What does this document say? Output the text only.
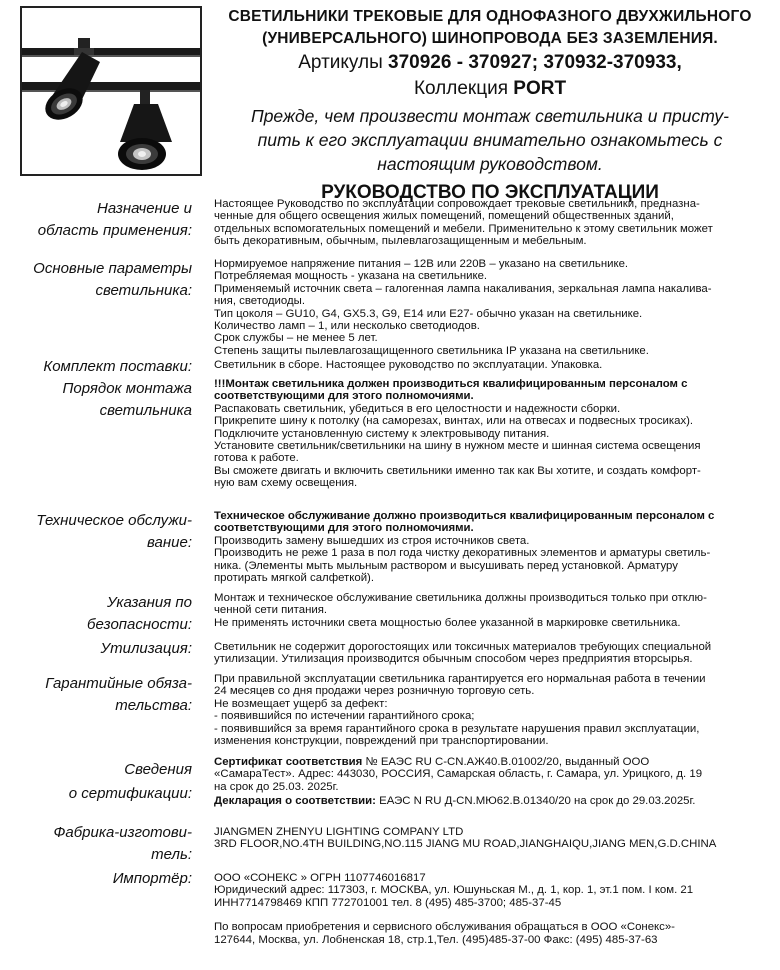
СВЕТИЛЬНИКИ ТРЕКОВЫЕ ДЛЯ ОДНОФАЗНОГО ДВУХЖИЛЬНОГО
(УНИВЕРСАЛЬНОГО) ШИНОПРОВОДА БЕЗ ЗАЗЕМЛЕНИЯ.
Артикулы 370926 - 370927; 370932-370933,
Коллекция PORT
Прежде, чем произвести монтаж светильника и присту-
пить к его эксплуатации внимательно ознакомьтесь с
настоящим руководством.
РУКОВОДСТВО ПО ЭКСПЛУАТАЦИИ
Назначение и
область применения:
Настоящее Руководство по эксплуатации сопровождает трековые светильники, предназна-
ченные для общего освещения жилых помещений, помещений общественных зданий,
отдельных вспомогательных помещений и мебели. Применительно к этому светильник может
быть декоративным, обычным, пылевлагозащищенным и мебельным.
Основные параметры
светильника:
Нормируемое напряжение питания – 12В или 220В – указано на светильнике.
Потребляемая мощность - указана на светильнике.
Применяемый источник света – галогенная лампа накаливания, зеркальная лампа накалива-
ния, светодиоды.
Тип цоколя – GU10, G4, GX5.3, G9, E14 или E27- обычно указан на светильнике.
Количество ламп – 1, или несколько светодиодов.
Срок службы – не менее 5 лет.
Степень защиты пылевлагозащищенного светильника IP указана на светильнике.
Комплект поставки: Светильник в сборе. Настоящее руководство по эксплуатации. Упаковка.
Порядок монтажа
светильника

!!!Монтаж светильника должен производиться квалифицированным персоналом с
соответствующими для этого полномочиями.

Распаковать светильник, убедиться в его целостности и надежности сборки.
Прикрепите шину к потолку (на саморезах, винтах, или на отвесах и подвесных тросиках).
Подключите установленную систему к электровыводу питания.
Установите светильник/светильники на шину в нужном месте и шинная система освещения
готова к работе.
Вы сможете двигать и включить светильники именно так как Вы хотите, и создать комфорт-
ную вам схему освещения.

Техническое обслужи-
вание:

Техническое обслуживание должно производиться квалифицированным персоналом с
соответствующими для этого полномочиями.

Производить замену вышедших из строя источников света.
Производить не реже 1 раза в пол года чистку декоративных элементов и арматуры светиль-
ника. (Элементы мыть мыльным раствором и высушивать перед установкой. Арматуру
протирать мягкой салфеткой).

Указания по
безопасности:
Монтаж и техническое обслуживание светильника должны производиться только при отклю-
ченной сети питания.
Не применять источники света мощностью более указанной в маркировке светильника.
Утилизация: Светильник не содержит дорогостоящих или токсичных материалов требующих специальной
утилизации. Утилизация производится обычным способом через предприятия вторсырья.
Гарантийные обяза-
тельства:
При правильной эксплуатации светильника гарантируется его нормальная работа в течении
24 месяцев со дня продажи через розничную торговую сеть.
Не возмещает ущерб за дефект:
- появившийся по истечении гарантийного срока;
- появившийся за время гарантийного срока в результате нарушения правил эксплуатации,
изменения конструкции, повреждений при транспортировании.
Сведения
о сертификации:

Сертификат соответствия № ЕАЭС RU С-CN.АЖ40.В.01002/20, выданный ООО
«СамараТест». Адрес: 443030, РОССИЯ, Самарская область, г. Самара, ул. Урицкого, д. 19
на срок до 25.03. 2025г.

Декларация о соответствии: ЕАЭС N RU Д-CN.МЮ62.В.01340/20 на срок до 29.03.2025г.

Фабрика-изготови-
тель:
JIANGMEN ZHENYU LIGHTING COMPANY LTD
3RD FLOOR,NO.4TH BUILDING,NO.115 JIANG MU ROAD,JIANGHAIQU,JIANG MEN,G.D.CHINA
Импортёр: ООО «СОНЕКС » ОГРН 1107746016817
Юридический адрес: 117303, г. МОСКВА, ул. Юшуньская М., д. 1, кор. 1, эт.1 пом. I ком. 21
ИНН7714798469 КПП 772701001 тел. 8 (495) 485-3700; 485-37-45

По вопросам приобретения и сервисного обслуживания обращаться в ООО «Сонекс»-
127644, Москва, ул. Лобненская 18, стр.1,Тел. (495)485-37-00 Факс: (495) 485-37-63
